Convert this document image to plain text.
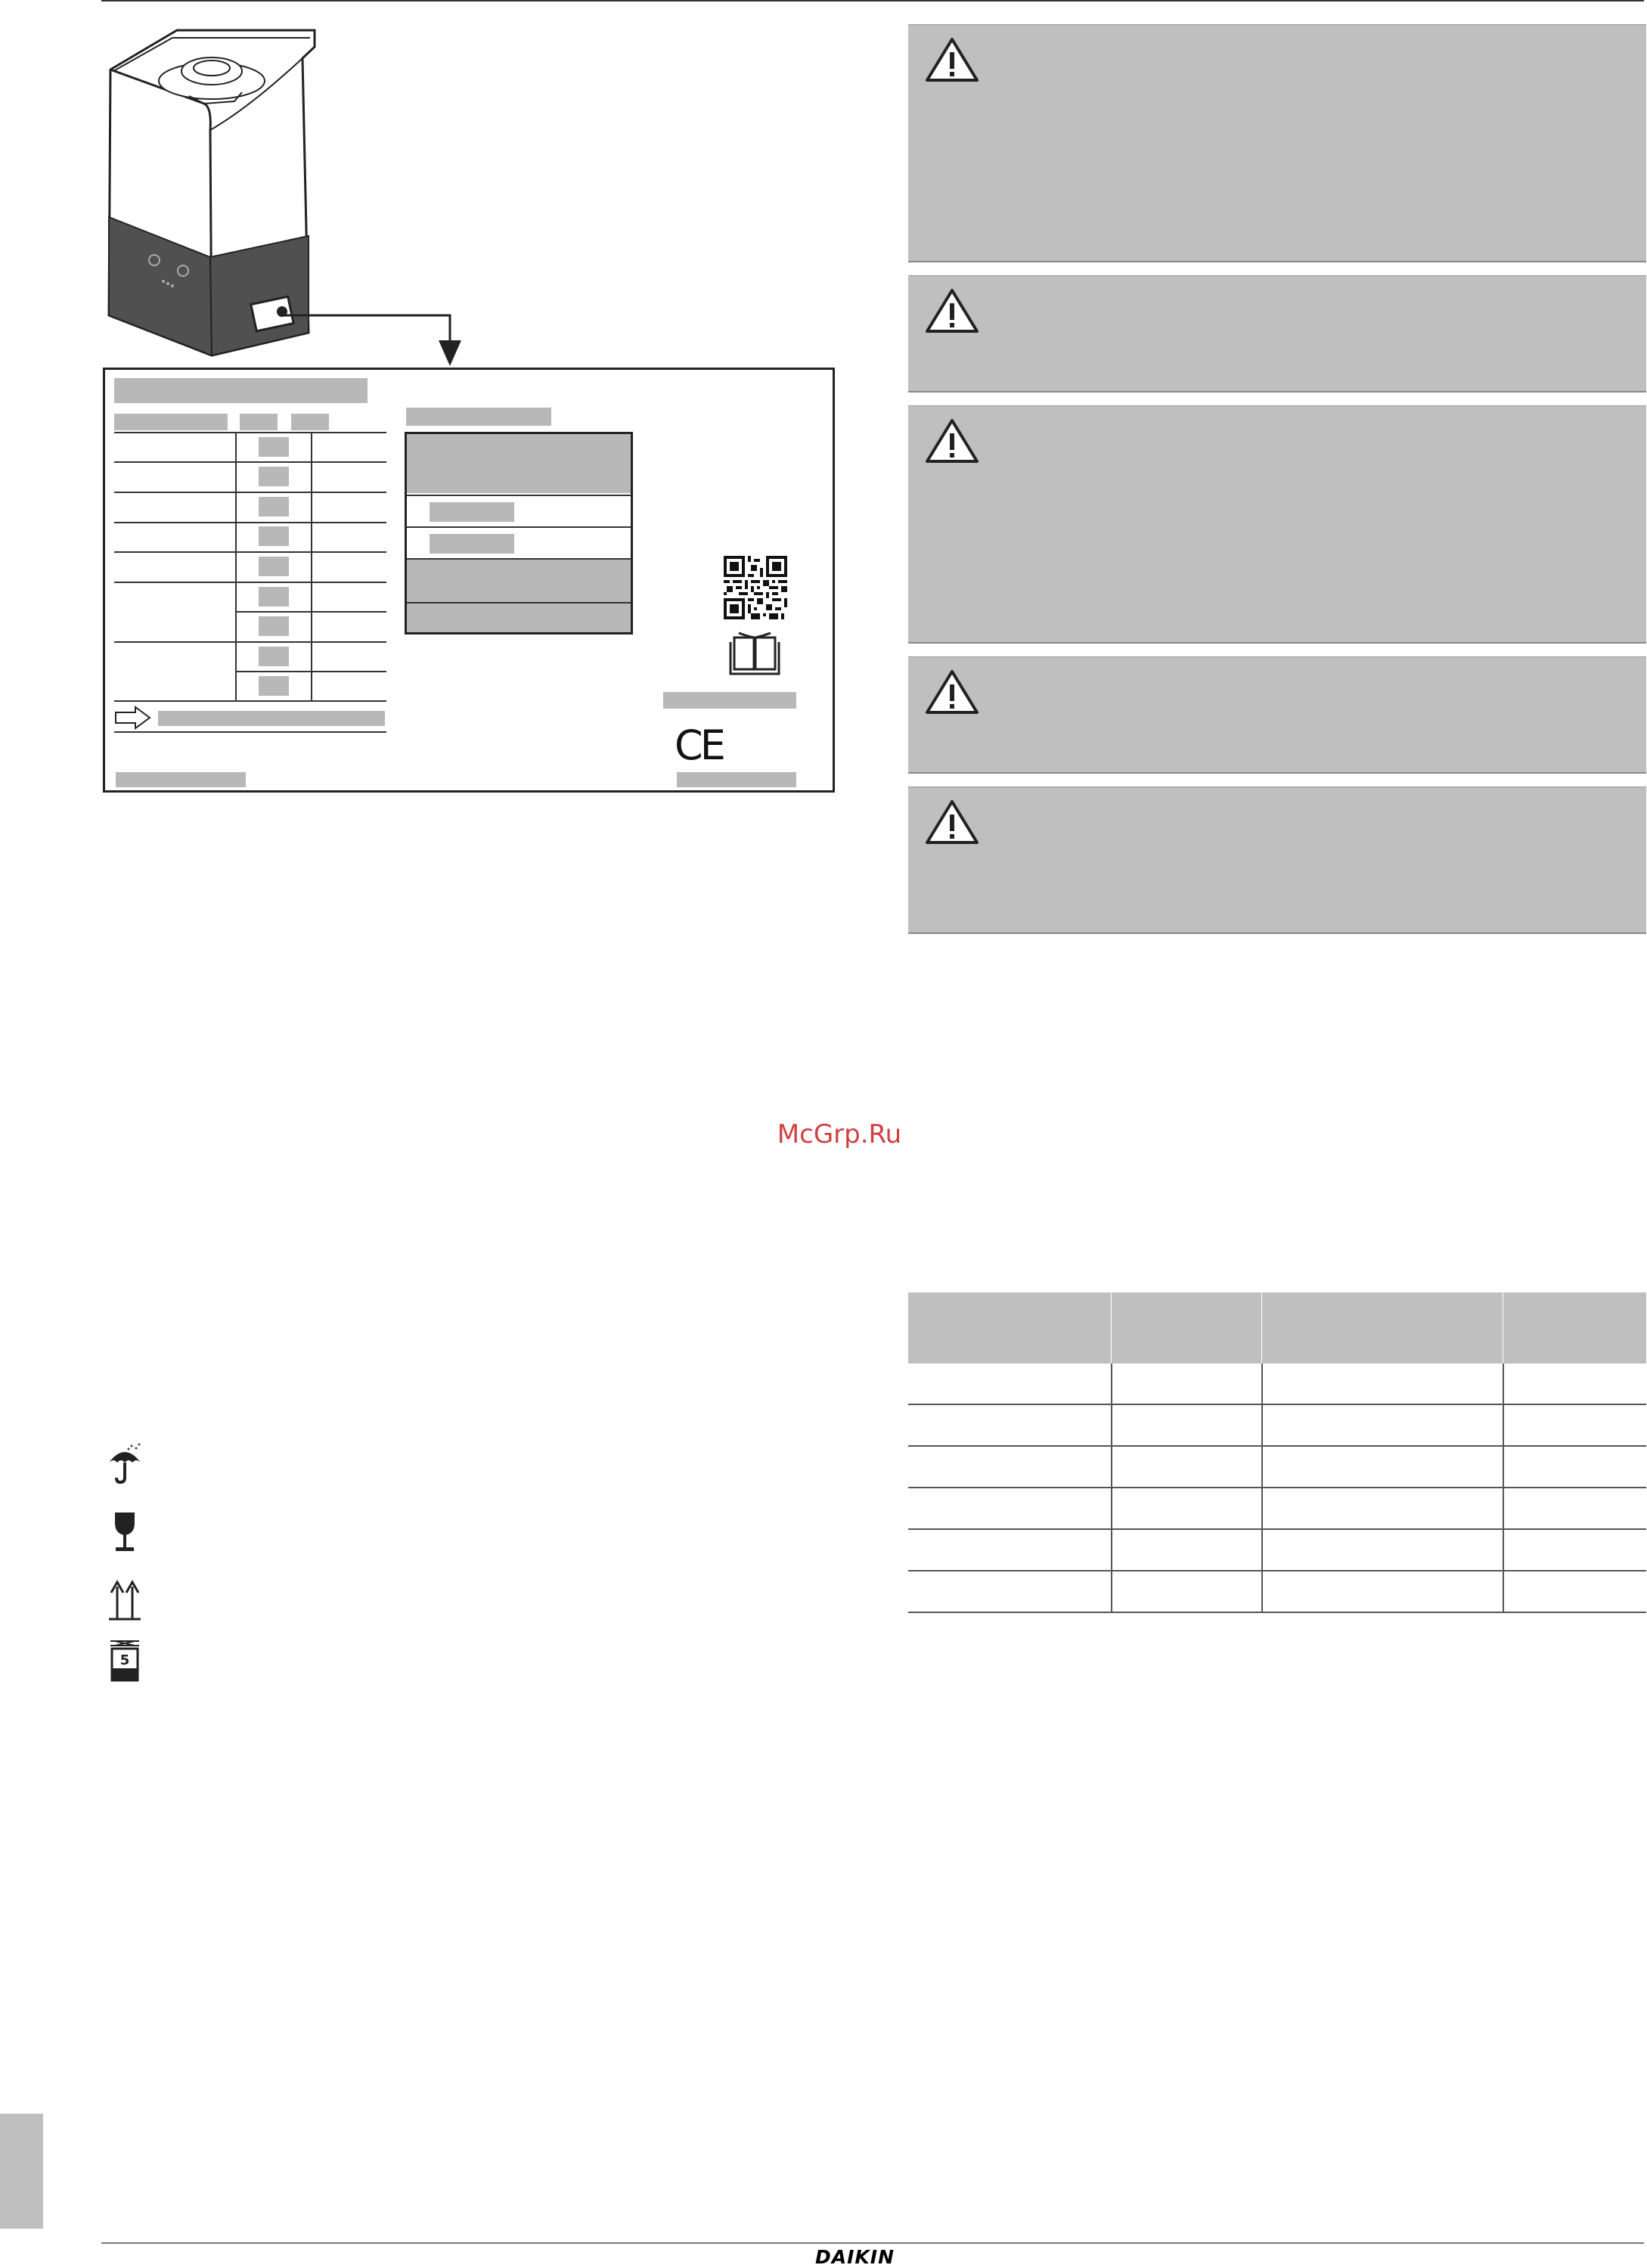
CE
McGrp.Ru

5
DAIKIN
